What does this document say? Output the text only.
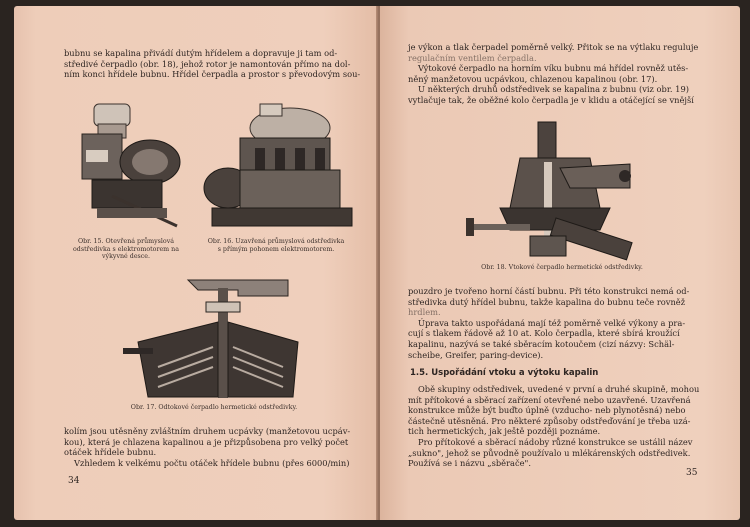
bubnu se kapalina přivádí dutým hřídelem a dopravuje ji tam od-

středivé čerpadlo (obr. 18), jehož rotor je namontován přímo na dol-

ním konci hřídele bubnu. Hřídel čerpadla a prostor s převodovým sou-

Obr. 15. Otevřená průmyslová odstředivka s elektromotorem na výkyvné desce.
Obr. 16. Uzavřená průmyslová odstředivka s přímým pohonem elektromotorem.
Obr. 17. Odtokové čerpadlo hermetické odstředivky.

kolím jsou utěsněny zvláštním druhem ucpávky (manžetovou ucpáv-

kou), která je chlazena kapalinou a je přizpůsobena pro velký počet

otáček hřídele bubnu.

Vzhledem k velkému počtu otáček hřídele bubnu (přes 6000/min)

34

je výkon a tlak čerpadel poměrně velký. Přitok se na výtlaku reguluje

regulačním ventilem čerpadla.

Výtokové čerpadlo na horním víku bubnu má hřídel rovněž utěs-

něný manžetovou ucpávkou, chlazenou kapalinou (obr. 17).

U některých druhů odstředivek se kapalina z bubnu (viz obr. 19)

vytlačuje tak, že oběžné kolo čerpadla je v klidu a otáčející se vnější

Obr. 18. Vtokové čerpadlo hermetické odstředivky.

pouzdro je tvořeno horní částí bubnu. Při této konstrukci nemá od-

středivka dutý hřídel bubnu, takže kapalina do bubnu teče rovněž

hrdlem.

Úprava takto uspořádaná mají též poměrně velké výkony a pra-

cují s tlakem řádově až 10 at. Kolo čerpadla, které sbírá kroužící

kapalinu, nazývá se také sběracím kotoučem (cizí názvy: Schäl-

scheibe, Greifer, paring-device).

1.5. Uspořádání vtoku a výtoku kapalin

Obě skupiny odstředivek, uvedené v první a druhé skupině, mohou

mít přítokové a sběrací zařízení otevřené nebo uzavřené. Uzavřená

konstrukce může být buďto úplně (vzducho- neb plynotěsná) nebo

částečně utěsněná. Pro některé způsoby odstřeďování je třeba uzá-

tich hermetických, jak ještě později poznáme.

Pro přítokové a sběrací nádoby různé konstrukce se ustálil název

„sukno", jehož se původně používalo u mlékárenských odstředivek.

Používá se i názvu „sběrače".

35
